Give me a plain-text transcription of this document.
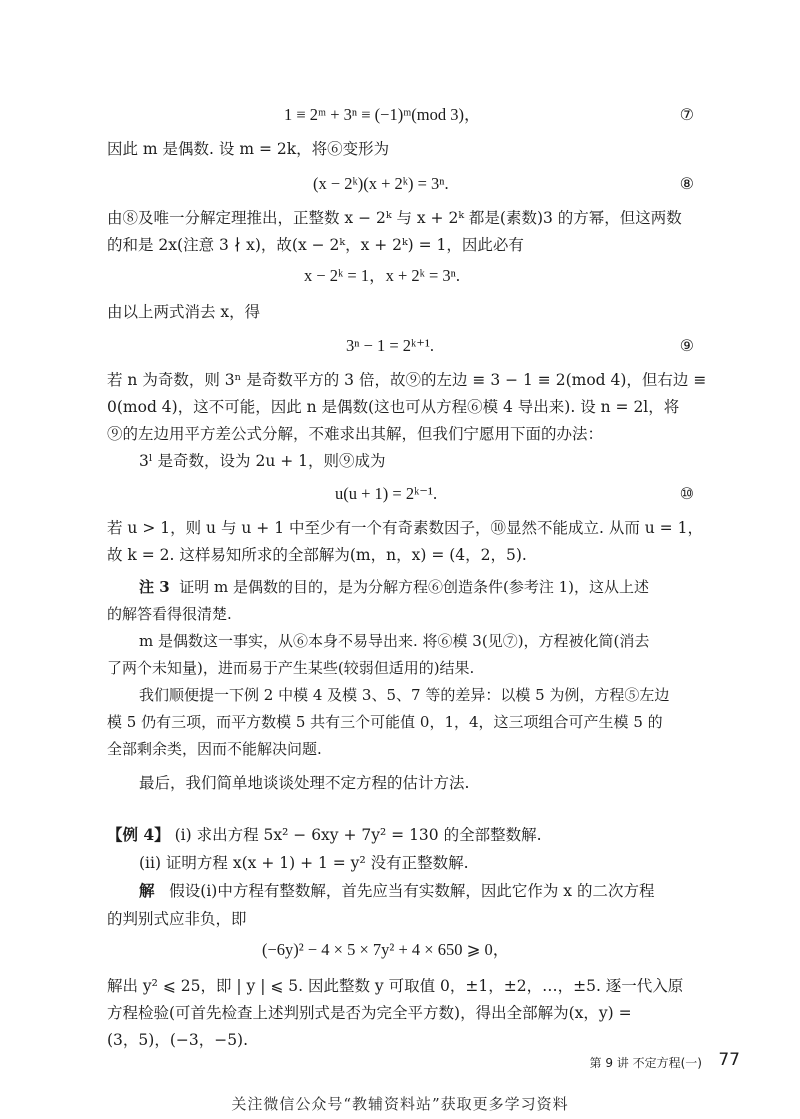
1 ≡ 2ᵐ + 3ⁿ ≡ (−1)ᵐ(mod 3)，	⑦
因此 m 是偶数. 设 m = 2k，将⑥变形为
(x − 2ᵏ)(x + 2ᵏ) = 3ⁿ.	⑧
由⑧及唯一分解定理推出，正整数 x − 2ᵏ 与 x + 2ᵏ 都是(素数)3 的方幂，但这两数
的和是 2x(注意 3 ∤ x)，故(x − 2ᵏ，x + 2ᵏ) = 1，因此必有
x − 2ᵏ = 1，x + 2ᵏ = 3ⁿ.
由以上两式消去 x，得
3ⁿ − 1 = 2ᵏ⁺¹.	⑨
若 n 为奇数，则 3ⁿ 是奇数平方的 3 倍，故⑨的左边 ≡ 3 − 1 ≡ 2(mod 4)，但右边 ≡
0(mod 4)，这不可能，因此 n 是偶数(这也可从方程⑥模 4 导出来). 设 n = 2l，将
⑨的左边用平方差公式分解，不难求出其解，但我们宁愿用下面的办法：
3ˡ 是奇数，设为 2u + 1，则⑨成为
u(u + 1) = 2ᵏ⁻¹.	⑩
若 u > 1，则 u 与 u + 1 中至少有一个有奇素数因子，⑩显然不能成立. 从而 u = 1，
故 k = 2. 这样易知所求的全部解为(m，n，x) = (4，2，5).
注 3 证明 m 是偶数的目的，是为分解方程⑥创造条件(参考注 1)，这从上述
的解答看得很清楚.
m 是偶数这一事实，从⑥本身不易导出来. 将⑥模 3(见⑦)，方程被化简(消去
了两个未知量)，进而易于产生某些(较弱但适用的)结果.
我们顺便提一下例 2 中模 4 及模 3、5、7 等的差异：以模 5 为例，方程⑤左边
模 5 仍有三项，而平方数模 5 共有三个可能值 0，1，4，这三项组合可产生模 5 的
全部剩余类，因而不能解决问题.
最后，我们简单地谈谈处理不定方程的估计方法.
【例 4】 (i) 求出方程 5x² − 6xy + 7y² = 130 的全部整数解.
(ii) 证明方程 x(x + 1) + 1 = y² 没有正整数解.
解 假设(i)中方程有整数解，首先应当有实数解，因此它作为 x 的二次方程
的判别式应非负，即
(−6y)² − 4 × 5 × 7y² + 4 × 650 ⩾ 0，
解出 y² ⩽ 25，即 | y | ⩽ 5. 因此整数 y 可取值 0，±1，±2，…，±5. 逐一代入原
方程检验(可首先检查上述判别式是否为完全平方数)，得出全部解为(x，y) =
(3，5)，(−3，−5).
第 9 讲 不定方程(一) 77
关注微信公众号“教辅资料站”获取更多学习资料
